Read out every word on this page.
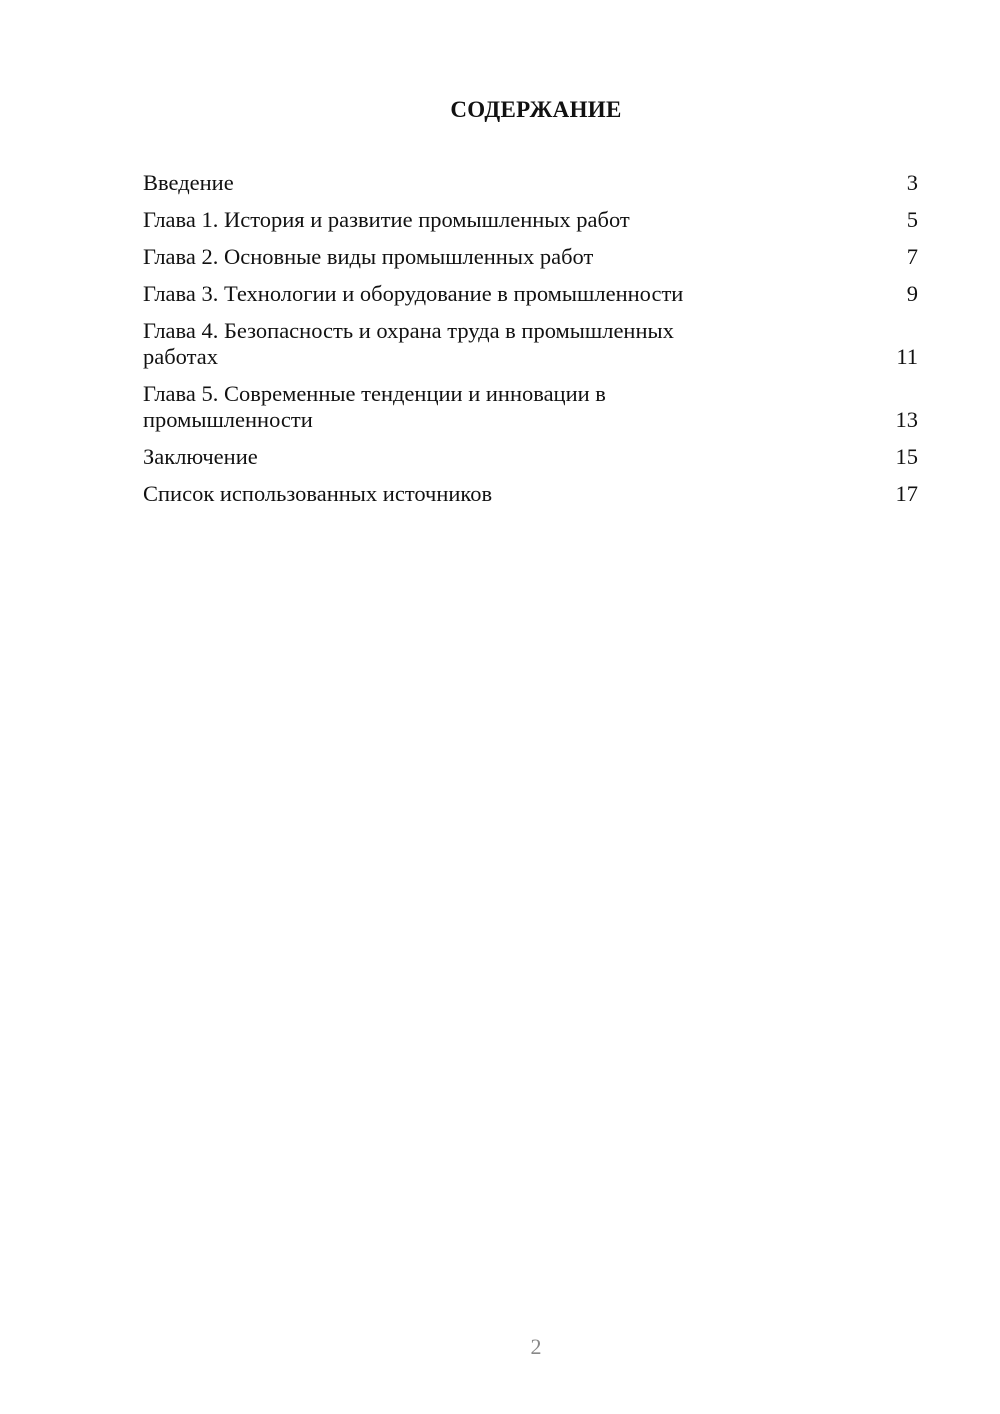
СОДЕРЖАНИЕ
Введение	3
Глава 1. История и развитие промышленных работ	5
Глава 2. Основные виды промышленных работ	7
Глава 3. Технологии и оборудование в промышленности	9
Глава 4. Безопасность и охрана труда в промышленных работах	11
Глава 5. Современные тенденции и инновации в промышленности	13
Заключение	15
Список использованных источников	17
2
